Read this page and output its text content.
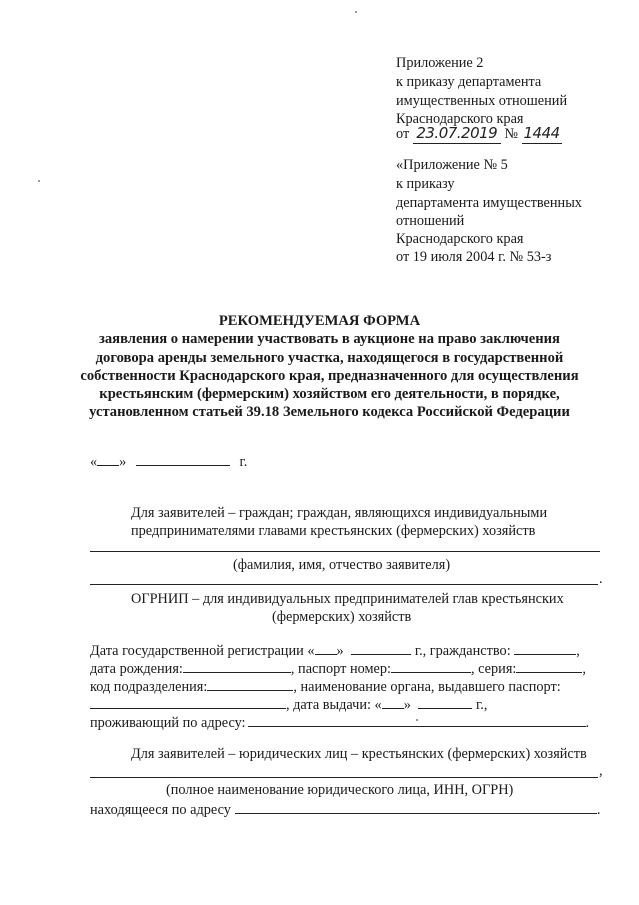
Приложение 2
к приказу департамента
имущественных отношений
Краснодарского края
от 23.07.2019 № 1444
«Приложение № 5
к приказу
департамента имущественных
отношений
Краснодарского края
от 19 июля 2004 г. № 53-з
РЕКОМЕНДУЕМАЯ ФОРМА
заявления о намерении участвовать в аукционе на право заключения
договора аренды земельного участка, находящегося в государственной
собственности Краснодарского края, предназначенного для осуществления
крестьянским (фермерским) хозяйством его деятельности, в порядке,
установленном статьей 39.18 Земельного кодекса Российской Федерации
« »	г.
Для заявителей – граждан; граждан, являющихся индивидуальными
предпринимателями главами крестьянских (фермерских) хозяйств
(фамилия, имя, отчество заявителя)
.
ОГРНИП – для индивидуальных предпринимателей глав крестьянских
(фермерских) хозяйств
Дата государственной регистрации « »	г., гражданство:	,
дата рождения:	, паспорт номер:	, серия:	,
код подразделения:	, наименование органа, выдавшего паспорт:
, дата выдачи: « »	г.,
проживающий по адресу:	.
Для заявителей – юридических лиц – крестьянских (фермерских) хозяйств
,
(полное наименование юридического лица, ИНН, ОГРН)
находящееся по адресу	.
